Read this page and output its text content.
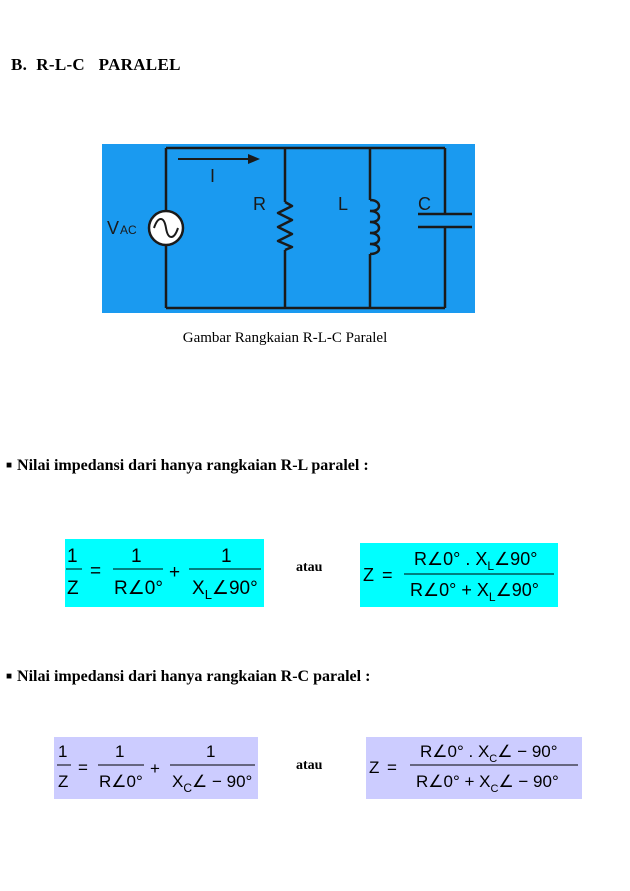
B.  R-L-C   PARALEL
I
R	L	C
V AC
Gambar Rangkaian R-L-C Paralel
■ Nilai impedansi dari hanya rangkaian R-L paralel :
1
Z
=
1
R∠0°
+
1
$X_L\angle 90^\circ$
atau Z =
R∠0° . $X_L\angle 90^\circ$
R∠0° + $X_L\angle 90^\circ$
■ Nilai impedansi dari hanya rangkaian R-C paralel :
1
Z
=
1
R∠0°
+
1
$X_C\angle - 90^\circ$
atau	Z =
R∠0° . $X_C\angle - 90^\circ$
R∠0° + $X_C\angle - 90^\circ$
